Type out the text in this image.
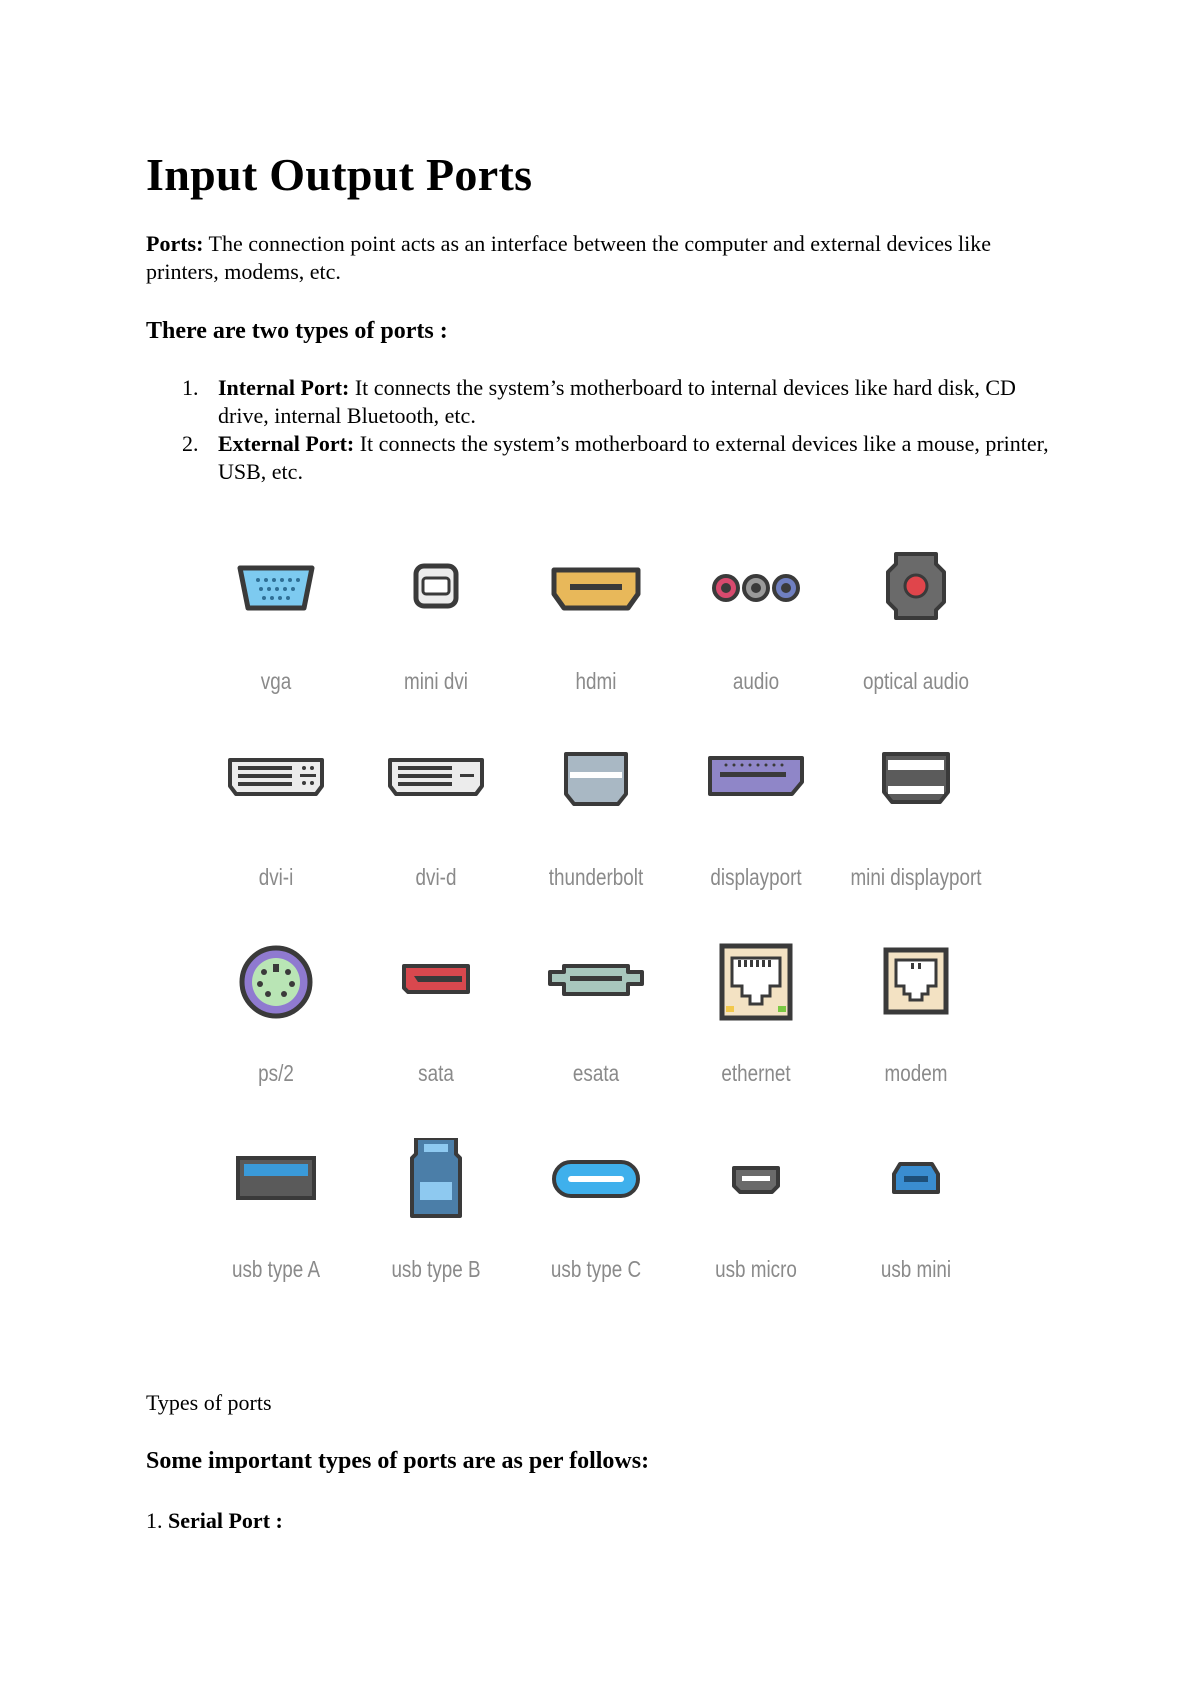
Input Output Ports

Ports: The connection point acts as an interface between the computer and external devices like printers, modems, etc.

There are two types of ports :
1. Internal Port: It connects the system’s motherboard to internal devices like hard disk, CD drive, internal Bluetooth, etc.
2. External Port: It connects the system’s motherboard to external devices like a mouse, printer, USB, etc.
vga	mini dvi	hdmi	audio	optical audio
dvi-i	dvi-d	thunderbolt	displayport	mini displayport
ps/2	sata	esata	ethernet	modem
usb type A	usb type B	usb type C	usb micro	usb mini

Types of ports

Some important types of ports are as per follows:

1. Serial Port :
